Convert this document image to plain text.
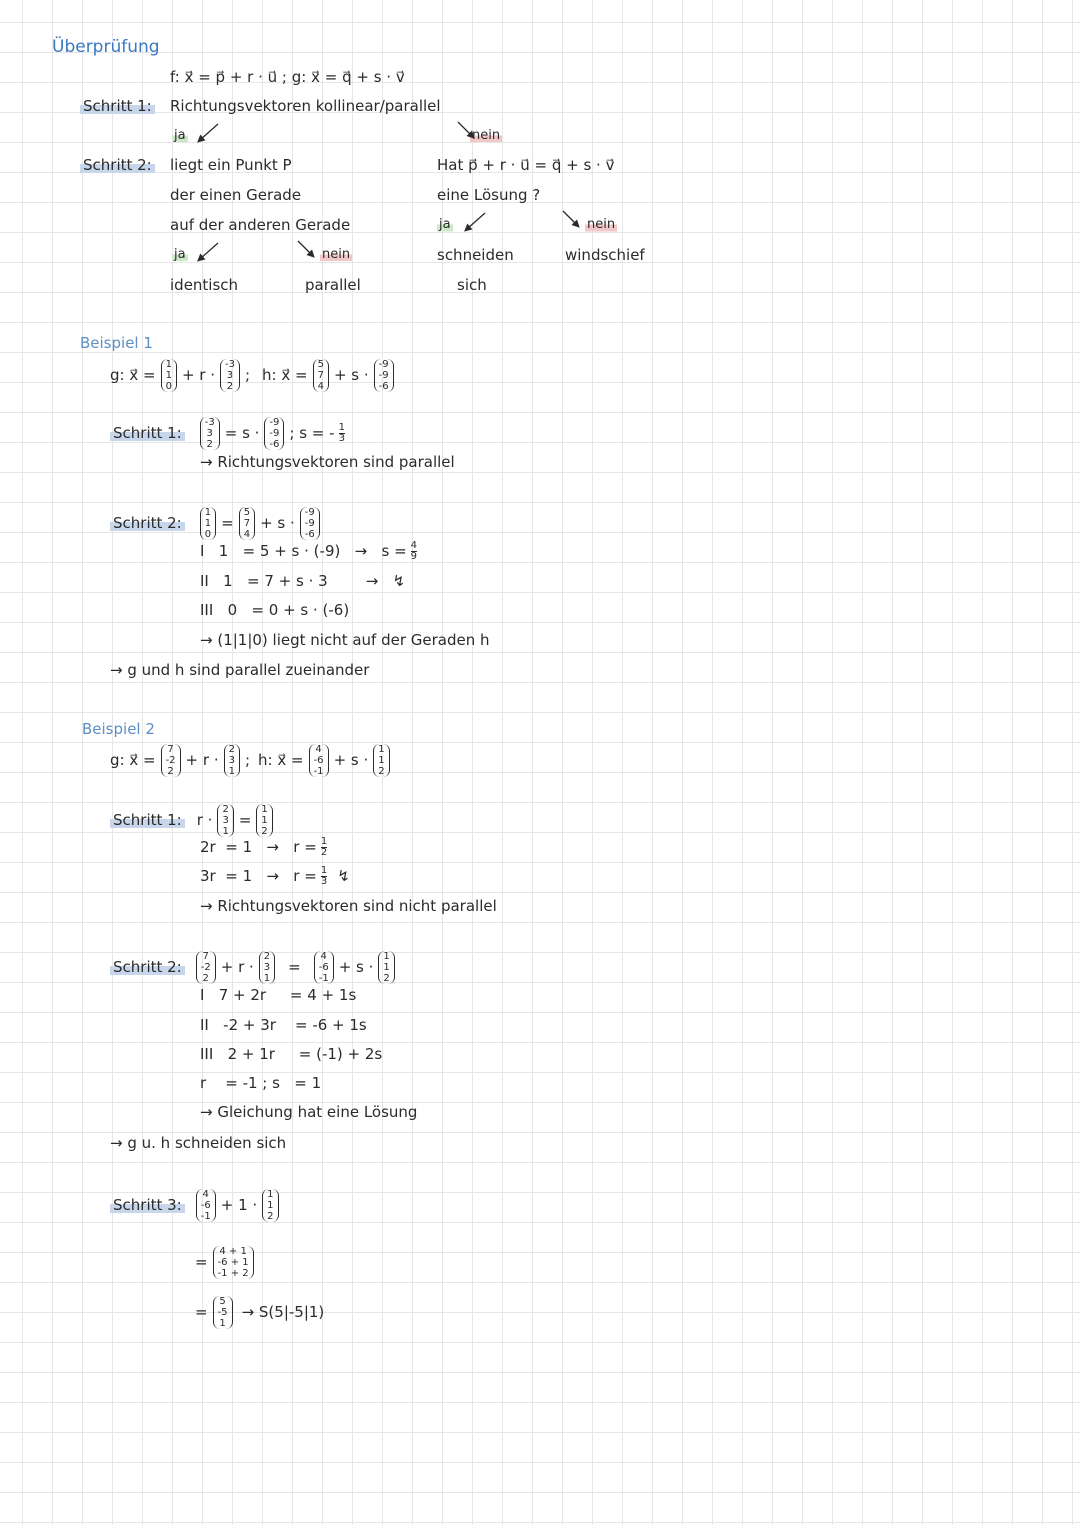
Überprüfung
f: x⃗ = p⃗ + r · u⃗ ; g: x⃗ = q⃗ + s · v⃗
Schritt 1: Richtungsvektoren kollinear/parallel
ja	nein
Schritt 2: liegt ein Punkt P
der einen Gerade
auf der anderen Gerade
ja	nein
identisch	parallel
Hat p⃗ + r · u⃗ = q⃗ + s · v⃗
eine Lösung ?
ja	nein
schneiden
sich
windschief
Beispiel 1
g: x⃗ =
1
1
0
+ r ·
-3
3
2
; h: x⃗ =
5
7
4
+ s ·
-9
-9
-6
Schritt 1:
-3
3
2
= s ·
-9
-9
-6
; s = - $\frac{1}{3}$
→ Richtungsvektoren sind parallel
Schritt 2:
1
1
0
=
5
7
4
+ s ·
-9
-9
-6
I   $1 = 5 + s \cdot (-9) \to s = \frac{4}{9}$
II   1   = 7 + s · 3        →   ↯
III   0   = 0 + s · (-6)
→ (1|1|0) liegt nicht auf der Geraden h
→ g und h sind parallel zueinander
Beispiel 2
g: x⃗ =
7
-2
2
+ r ·
2
3
1
; h: x⃗ =
4
-6
-1
+ s ·
1
1
2
Schritt 1: r ·
2
3
1
=
1
1
2
$2r = 1 \to r = \frac{1}{2}$
$3r = 1 \to r = \frac{1}{3}$ ↯
→ Richtungsvektoren sind nicht parallel
Schritt 2:
7
-2
2
+ r ·
2
3
1
=
4
-6
-1
+ s ·
1
1
2
I   7 + 2r     = 4 + 1s
II   -2 + 3r    = -6 + 1s
III   2 + 1r     = (-1) + 2s
r    = -1 ; s   = 1
→ Gleichung hat eine Lösung
→ g u. h schneiden sich
Schritt 3:
4
-6
-1
+ 1 ·
1
1
2
=
4 + 1
-6 + 1
-1 + 2
=
5
-5
1
→ S(5|-5|1)
